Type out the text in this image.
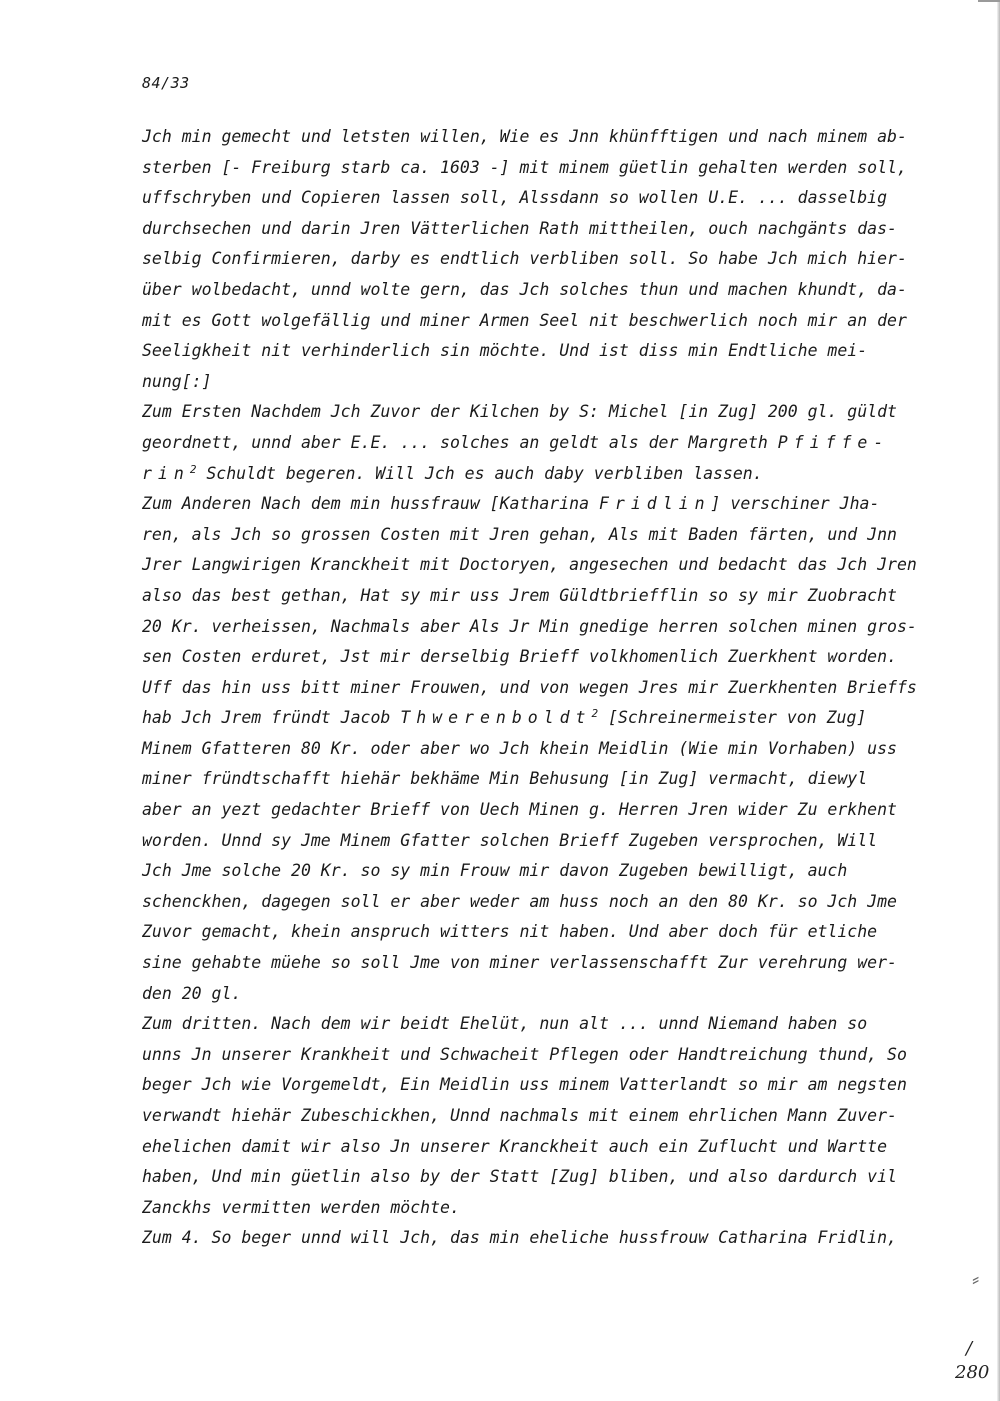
84/33
Jch min gemecht und letsten willen, Wie es Jnn khünfftigen und nach minem ab-
sterben [- Freiburg starb ca. 1603 -] mit minem güetlin gehalten werden soll,
uffschryben und Copieren lassen soll, Alssdann so wollen U.E. ... dasselbig
durchsechen und darin Jren Vätterlichen Rath mittheilen, ouch nachgänts das-
selbig Confirmieren, darby es endtlich verbliben soll. So habe Jch mich hier-
über wolbedacht, unnd wolte gern, das Jch solches thun und machen khundt, da-
mit es Gott wolgefällig und miner Armen Seel nit beschwerlich noch mir an der
Seeligkheit nit verhinderlich sin möchte. Und ist diss min Endtliche mei-
nung[:]
Zum Ersten Nachdem Jch Zuvor der Kilchen by S: Michel [in Zug] 200 gl. güldt
geordnett, unnd aber E.E. ... solches an geldt als der Margreth Pfiffe-
rin$^2$ Schuldt begeren. Will Jch es auch daby verbliben lassen.
Zum Anderen Nach dem min hussfrauw [Katharina Fridlin] verschiner Jha-
ren, als Jch so grossen Costen mit Jren gehan, Als mit Baden färten, und Jnn
Jrer Langwirigen Kranckheit mit Doctoryen, angesechen und bedacht das Jch Jren
also das best gethan, Hat sy mir uss Jrem Güldtbriefflin so sy mir Zuobracht
20 Kr. verheissen, Nachmals aber Als Jr Min gnedige herren solchen minen gros-
sen Costen erduret, Jst mir derselbig Brieff volkhomenlich Zuerkhent worden.
Uff das hin uss bitt miner Frouwen, und von wegen Jres mir Zuerkhenten Brieffs
hab Jch Jrem fründt Jacob Thwerenboldt$^2$ [Schreinermeister von Zug]
Minem Gfatteren 80 Kr. oder aber wo Jch khein Meidlin (Wie min Vorhaben) uss
miner fründtschafft hiehär bekhäme Min Behusung [in Zug] vermacht, diewyl
aber an yezt gedachter Brieff von Uech Minen g. Herren Jren wider Zu erkhent
worden. Unnd sy Jme Minem Gfatter solchen Brieff Zugeben versprochen, Will
Jch Jme solche 20 Kr. so sy min Frouw mir davon Zugeben bewilligt, auch
schenckhen, dagegen soll er aber weder am huss noch an den 80 Kr. so Jch Jme
Zuvor gemacht, khein anspruch witters nit haben. Und aber doch für etliche
sine gehabte müehe so soll Jme von miner verlassenschafft Zur verehrung wer-
den 20 gl.
Zum dritten. Nach dem wir beidt Ehelüt, nun alt ... unnd Niemand haben so
unns Jn unserer Krankheit und Schwacheit Pflegen oder Handtreichung thund, So
beger Jch wie Vorgemeldt, Ein Meidlin uss minem Vatterlandt so mir am negsten
verwandt hiehär Zubeschickhen, Unnd nachmals mit einem ehrlichen Mann Zuver-
ehelichen damit wir also Jn unserer Kranckheit auch ein Zuflucht und Wartte
haben, Und min güetlin also by der Statt [Zug] bliben, und also dardurch vil
Zanckhs vermitten werden möchte.
Zum 4. So beger unnd will Jch, das min eheliche hussfrouw Catharina Fridlin,
⸗
/
280
